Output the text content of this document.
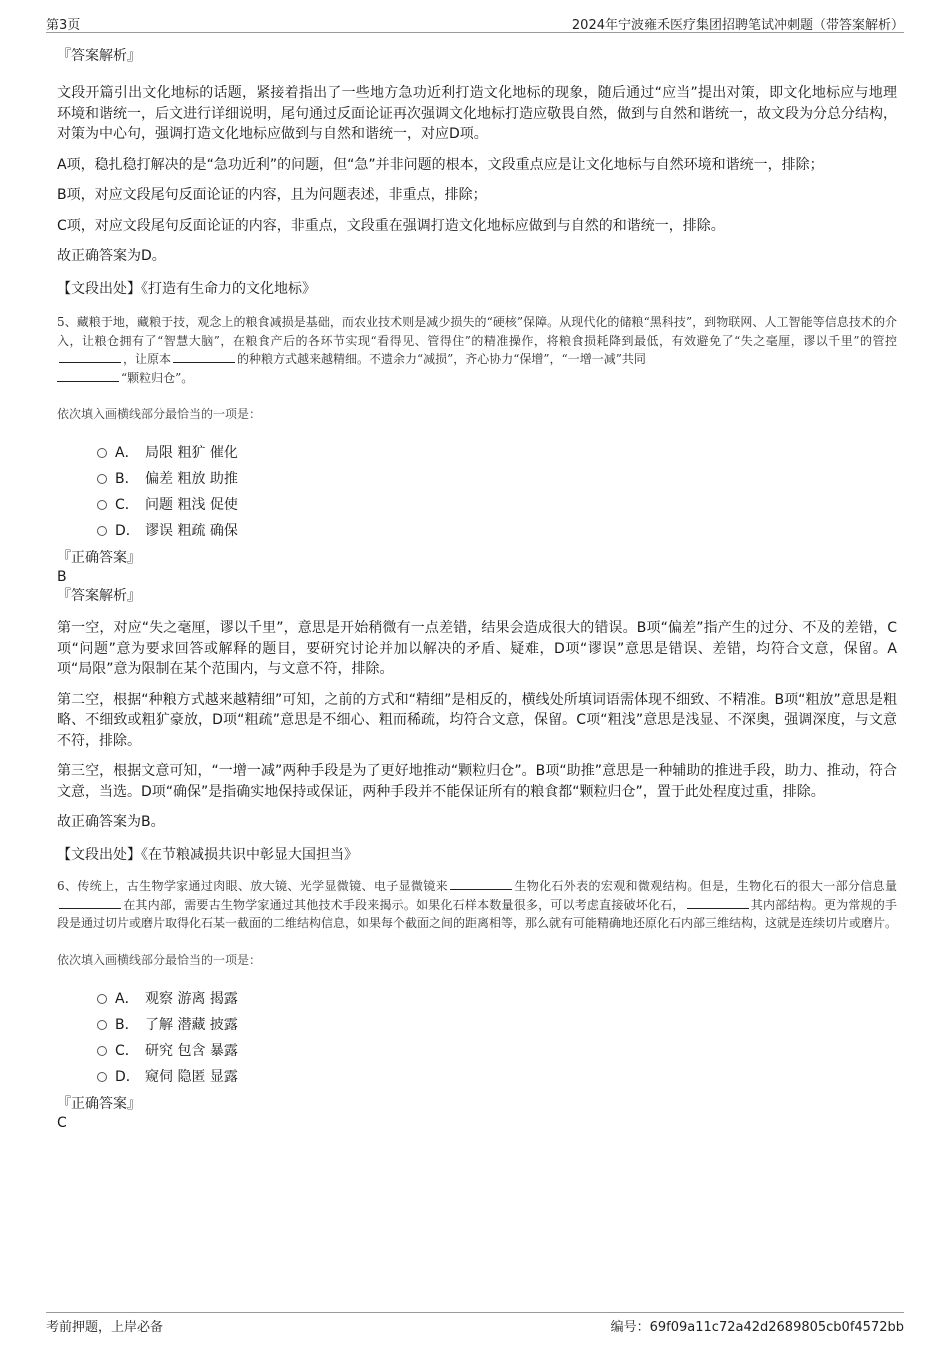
第3页	2024年宁波雍禾医疗集团招聘笔试冲刺题（带答案解析）

『答案解析』

文段开篇引出文化地标的话题，紧接着指出了一些地方急功近利打造文化地标的现象，随后通过“应当”提出对策，即文化地标应与地理环境和谐统一，后文进行详细说明，尾句通过反面论证再次强调文化地标打造应敬畏自然，做到与自然和谐统一，故文段为分总分结构，对策为中心句，强调打造文化地标应做到与自然和谐统一，对应D项。

A项，稳扎稳打解决的是“急功近利”的问题，但“急”并非问题的根本，文段重点应是让文化地标与自然环境和谐统一，排除；

B项，对应文段尾句反面论证的内容，且为问题表述，非重点，排除；

C项，对应文段尾句反面论证的内容，非重点，文段重在强调打造文化地标应做到与自然的和谐统一，排除。

故正确答案为D。

【文段出处】《打造有生命力的文化地标》

5、藏粮于地，藏粮于技，观念上的粮食减损是基础，而农业技术则是减少损失的“硬核”保障。从现代化的储粮“黑科技”，到物联网、人工智能等信息技术的介入，让粮仓拥有了“智慧大脑”，在粮食产后的各环节实现“看得见、管得住”的精准操作，将粮食损耗降到最低，有效避免了“失之毫厘，谬以千里”的管控，让原本	的种粮方式越来越精细。不遗余力“减损”，齐心协力“保增”，“一增一减”共同
“颗粒归仓”。

依次填入画横线部分最恰当的一项是：

A． 局限 粗犷 催化
B． 偏差 粗放 助推
C． 问题 粗浅 促使
D． 谬误 粗疏 确保

『正确答案』

B

『答案解析』

第一空，对应“失之毫厘，谬以千里”，意思是开始稍微有一点差错，结果会造成很大的错误。B项“偏差”指产生的过分、不及的差错，C项“问题”意为要求回答或解释的题目，要研究讨论并加以解决的矛盾、疑难，D项“谬误”意思是错误、差错，均符合文意，保留。A项“局限”意为限制在某个范围内，与文意不符，排除。

第二空，根据“种粮方式越来越精细”可知，之前的方式和“精细”是相反的，横线处所填词语需体现不细致、不精准。B项“粗放”意思是粗略、不细致或粗犷豪放，D项“粗疏”意思是不细心、粗而稀疏，均符合文意，保留。C项“粗浅”意思是浅显、不深奥，强调深度，与文意不符，排除。

第三空，根据文意可知，“一增一减”两种手段是为了更好地推动“颗粒归仓”。B项“助推”意思是一种辅助的推进手段，助力、推动，符合文意，当选。D项“确保”是指确实地保持或保证，两种手段并不能保证所有的粮食都“颗粒归仓”，置于此处程度过重，排除。

故正确答案为B。

【文段出处】《在节粮减损共识中彰显大国担当》

6、传统上，古生物学家通过肉眼、放大镜、光学显微镜、电子显微镜来	生物化石外表的宏观和微观结构。但是，生物化石的很大一部分信息量在其内部，需要古生物学家通过其他技术手段来揭示。如果化石样本数量很多，可以考虑直接破坏化石，	其内部结构。更为常规的手段是通过切片或磨片取得化石某一截面的二维结构信息，如果每个截面之间的距离相等，那么就有可能精确地还原化石内部三维结构，这就是连续切片或磨片。

依次填入画横线部分最恰当的一项是：

A． 观察 游离 揭露
B． 了解 潜藏 披露
C． 研究 包含 暴露
D． 窥伺 隐匿 显露

『正确答案』

C

考前押题，上岸必备	编号：69f09a11c72a42d2689805cb0f4572bb
